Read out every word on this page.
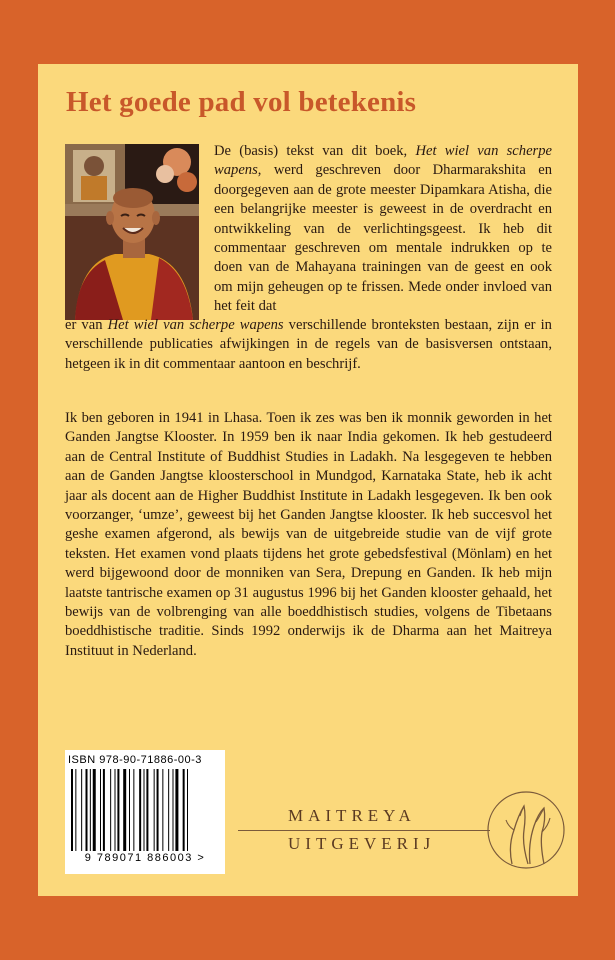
Het goede pad vol betekenis

De (basis) tekst van dit boek, Het wiel van scherpe wapens, werd geschreven door Dharmarakshita en doorgegeven aan de grote meester Dipamkara Atisha, die een belangrijke meester is geweest in de overdracht en ontwikkeling van de verlichtingsgeest. Ik heb dit commentaar geschreven om mentale indrukken op te doen van de Mahayana trainingen van de geest en ook om mijn geheugen op te frissen. Mede onder invloed van het feit dat

er van Het wiel van scherpe wapens verschillende bronteksten bestaan, zijn er in verschillende publicaties afwijkingen in de regels van de basisversen ontstaan, hetgeen ik in dit commentaar aantoon en beschrijf.

Ik ben geboren in 1941 in Lhasa. Toen ik zes was ben ik monnik geworden in het Ganden Jangtse Klooster. In 1959 ben ik naar India gekomen. Ik heb gestudeerd aan de Central Institute of Buddhist Studies in Ladakh. Na lesgegeven te hebben aan de Ganden Jangtse kloosterschool in Mundgod, Karnataka State, heb ik acht jaar als docent aan de Higher Buddhist Institute in Ladakh lesgegeven. Ik ben ook voorzanger, ‘umze’, geweest bij het Ganden Jangtse klooster. Ik heb succesvol het geshe examen afgerond, als bewijs van de uitgebreide studie van de vijf grote teksten. Het examen vond plaats tijdens het grote gebedsfestival (Mönlam) en het werd bijgewoond door de monniken van Sera, Drepung en Ganden. Ik heb mijn laatste tantrische examen op 31 augustus 1996 bij het Ganden klooster gehaald, het bewijs van de volbrenging van alle boeddhistisch studies, volgens de Tibetaans boeddhistische traditie. Sinds 1992 onderwijs ik de Dharma aan het Maitreya Instituut in Nederland.

ISBN 978-90-71886-00-3
9 789071 886003 >
MAITREYA
UITGEVERIJ
